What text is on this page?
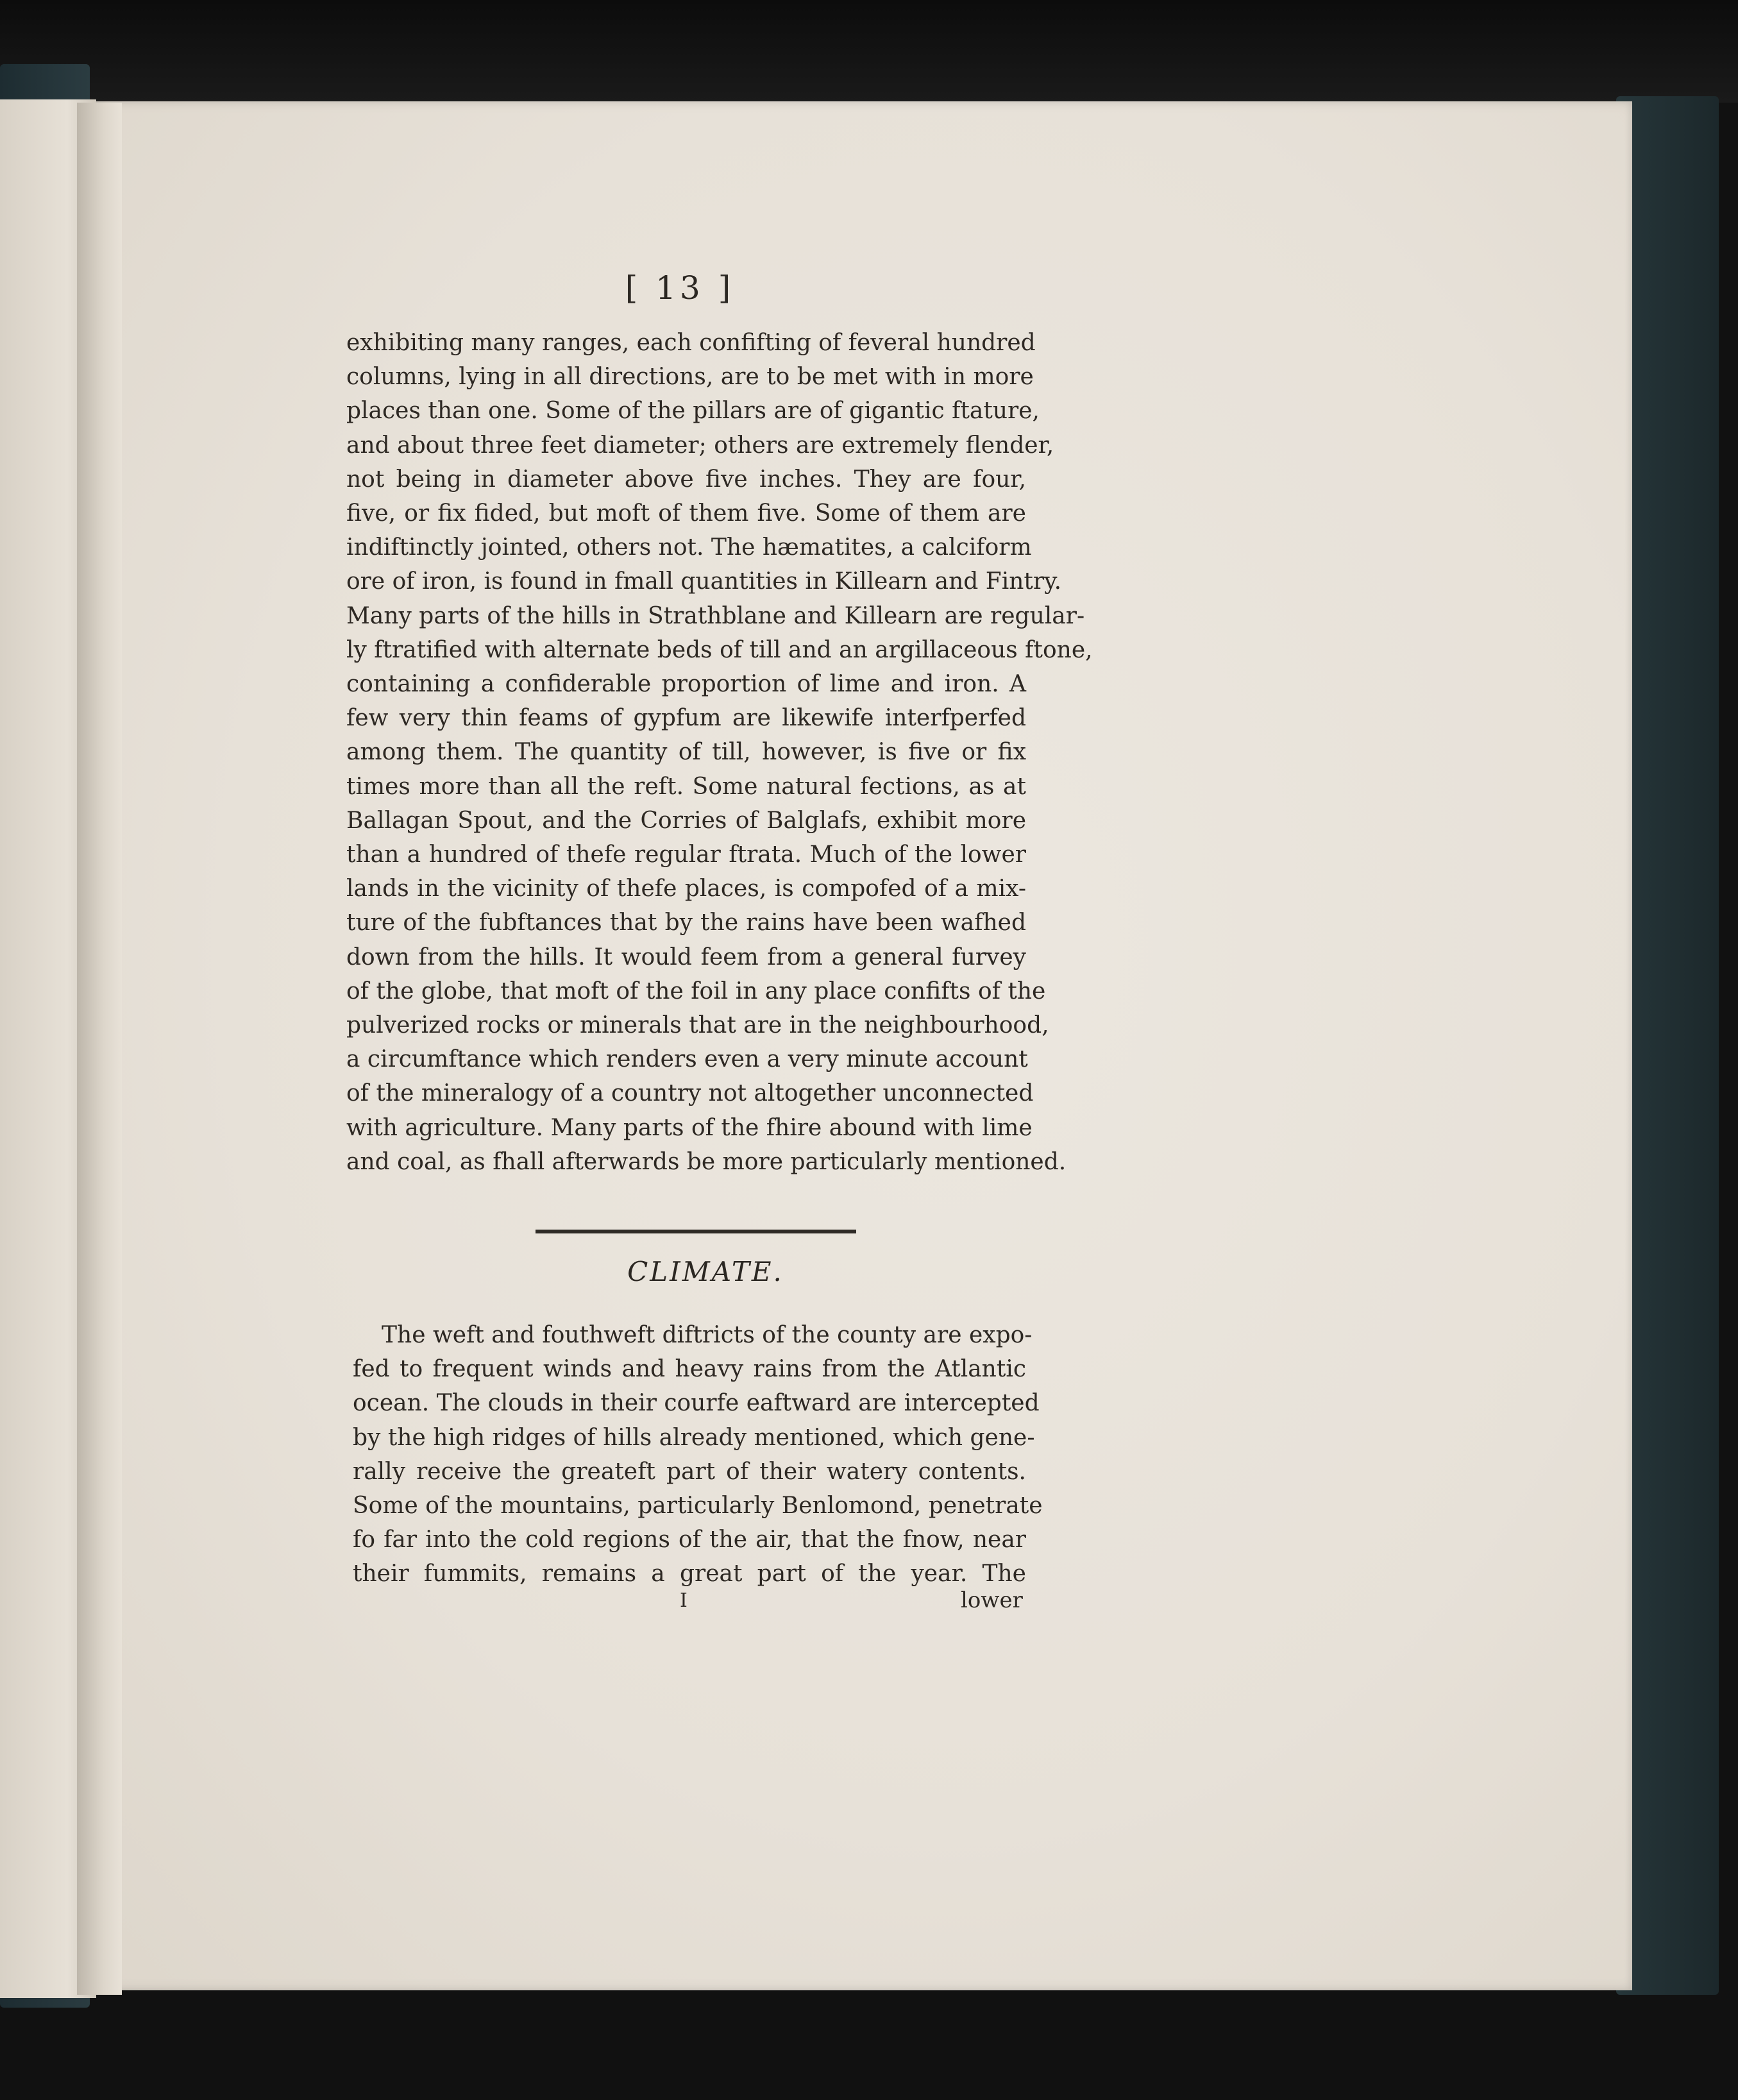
[ 13 ]
exhibiting many ranges, each confifting of feveral hundred
columns, lying in all directions, are to be met with in more
places than one. Some of the pillars are of gigantic ftature,
and about three feet diameter; others are extremely flender,
not being in diameter above five inches. They are four,
five, or fix fided, but moft of them five. Some of them are
indiftinctly jointed, others not. The hæmatites, a calciform
ore of iron, is found in fmall quantities in Killearn and Fintry.
Many parts of the hills in Strathblane and Killearn are regular-
ly ftratified with alternate beds of till and an argillaceous ftone,
containing a confiderable proportion of lime and iron. A
few very thin feams of gypfum are likewife interfperfed
among them. The quantity of till, however, is five or fix
times more than all the reft. Some natural fections, as at
Ballagan Spout, and the Corries of Balglafs, exhibit more
than a hundred of thefe regular ftrata. Much of the lower
lands in the vicinity of thefe places, is compofed of a mix-
ture of the fubftances that by the rains have been wafhed
down from the hills. It would feem from a general furvey
of the globe, that moft of the foil in any place confifts of the
pulverized rocks or minerals that are in the neighbourhood,
a circumftance which renders even a very minute account
of the mineralogy of a country not altogether unconnected
with agriculture. Many parts of the fhire abound with lime
and coal, as fhall afterwards be more particularly mentioned.
CLIMATE.
The weft and fouthweft diftricts of the county are expo-
fed to frequent winds and heavy rains from the Atlantic
ocean. The clouds in their courfe eaftward are intercepted
by the high ridges of hills already mentioned, which gene-
rally receive the greateft part of their watery contents.
Some of the mountains, particularly Benlomond, penetrate
fo far into the cold regions of the air, that the fnow, near
their fummits, remains a great part of the year. The
I	lower
